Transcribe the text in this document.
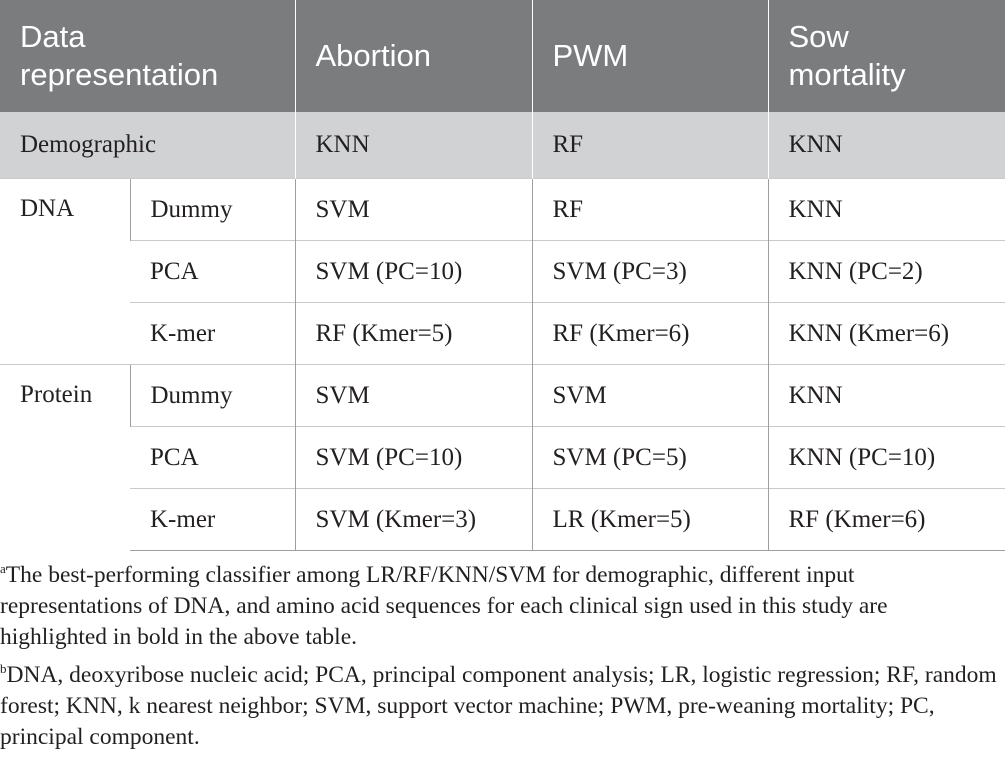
Data
representation		Abortion	PWM	Sow
mortality
Demographic		KNN	RF	KNN
DNA	Dummy	SVM	RF	KNN
	PCA	SVM (PC=10)	SVM (PC=3)	KNN (PC=2)
	K-mer	RF (Kmer=5)	RF (Kmer=6)	KNN (Kmer=6)
Protein	Dummy	SVM	SVM	KNN
	PCA	SVM (PC=10)	SVM (PC=5)	KNN (PC=10)
	K-mer	SVM (Kmer=3)	LR (Kmer=5)	RF (Kmer=6)

$^a$The best-performing classifier among LR/RF/KNN/SVM for demographic, different input representations of DNA, and amino acid sequences for each clinical sign used in this study are highlighted in bold in the above table.

$^b$DNA, deoxyribose nucleic acid; PCA, principal component analysis; LR, logistic regression; RF, random forest; KNN, k nearest neighbor; SVM, support vector machine; PWM, pre-weaning mortality; PC, principal component.
